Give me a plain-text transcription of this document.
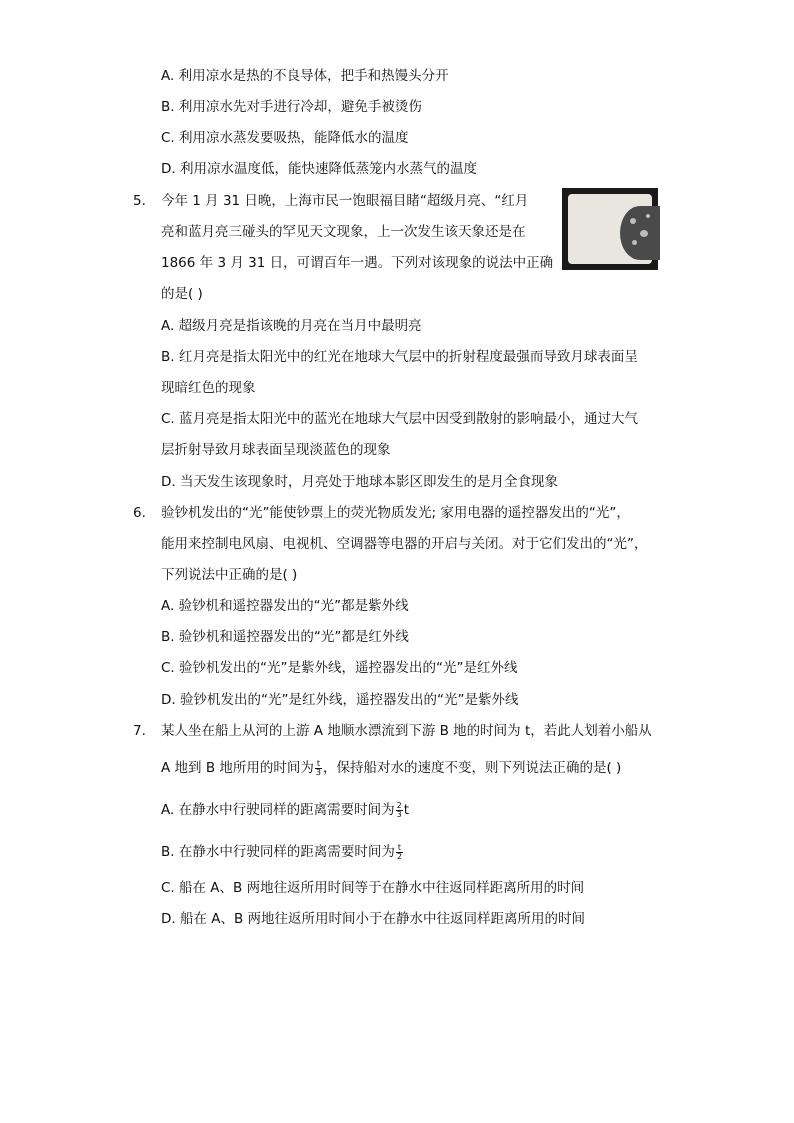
A. 利用凉水是热的不良导体，把手和热馒头分开
B. 利用凉水先对手进行冷却，避免手被烫伤
C. 利用凉水蒸发要吸热，能降低水的温度
D. 利用凉水温度低，能快速降低蒸笼内水蒸气的温度
5. 今年 1 月 31 日晚，上海市民一饱眼福目睹“超级月亮、“红月
亮和蓝月亮三碰头的罕见天文现象，上一次发生该天象还是在
1866 年 3 月 31 日，可谓百年一遇。下列对该现象的说法中正确
的是( )
A. 超级月亮是指该晚的月亮在当月中最明亮
B. 红月亮是指太阳光中的红光在地球大气层中的折射程度最强而导致月球表面呈
现暗红色的现象
C. 蓝月亮是指太阳光中的蓝光在地球大气层中因受到散射的影响最小，通过大气
层折射导致月球表面呈现淡蓝色的现象
D. 当天发生该现象时，月亮处于地球本影区即发生的是月全食现象
6. 验钞机发出的“光”能使钞票上的荧光物质发光; 家用电器的遥控器发出的“光”，
能用来控制电风扇、电视机、空调器等电器的开启与关闭。对于它们发出的“光”，
下列说法中正确的是( )
A. 验钞机和遥控器发出的“光”都是紫外线
B. 验钞机和遥控器发出的“光”都是红外线
C. 验钞机发出的“光”是紫外线，遥控器发出的“光”是红外线
D. 验钞机发出的“光”是红外线，遥控器发出的“光”是紫外线
7. 某人坐在船上从河的上游 A 地顺水漂流到下游 B 地的时间为 t，若此人划着小船从
A 地到 B 地所用的时间为 $\frac{t}{3}$ ，保持船对水的速度不变，则下列说法正确的是( )
A. 在静水中行驶同样的距离需要时间为 $\frac{2}{3}$ t
B. 在静水中行驶同样的距离需要时间为 $\frac{t}{2}$
C. 船在 A、B 两地往返所用时间等于在静水中往返同样距离所用的时间
D. 船在 A、B 两地往返所用时间小于在静水中往返同样距离所用的时间
